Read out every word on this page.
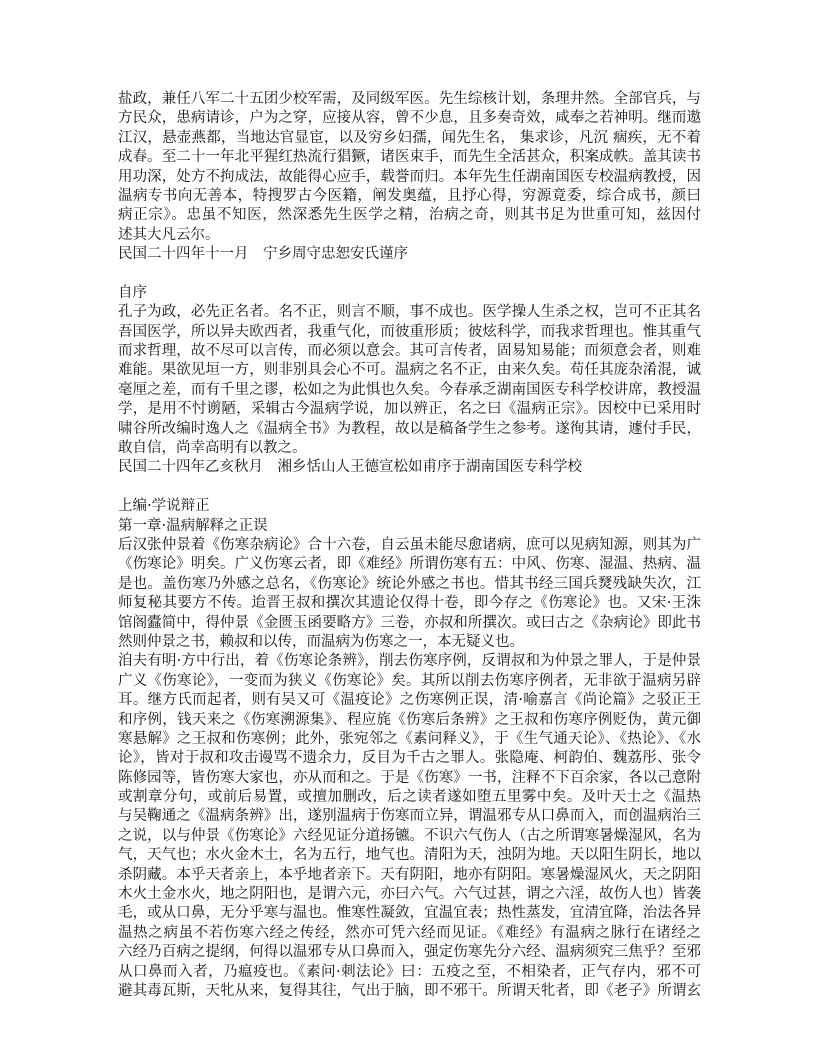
盐政，兼任八军二十五团少校军需，及同级军医。先生综核计划，条理井然。全部官兵，与
方民众，患病请诊，户为之穿，应接从容，曾不少息，且多奏奇效，咸奉之若神明。继而遨
江汉，悬壶燕都，当地达官显宦，以及穷乡妇孺，闻先生名， 集求诊，凡沉 痼疾，无不着
成春。至二十一年北平猩红热流行猖獗，诸医束手，而先生全活甚众，积案成帙。盖其读书
用功深，处方不拘成法，故能得心应手，载誉而归。本年先生任湖南国医专校温病教授，因
温病专书向无善本，特搜罗古今医籍，阐发奥蕴，且抒心得，穷源竟委，综合成书，颜曰
病正宗》。忠虽不知医，然深悉先生医学之精，治病之奇，则其书足为世重可知，兹因付
述其大凡云尔。
民国二十四年十一月　宁乡周守忠恕安氏谨序
自序
孔子为政，必先正名者。名不正，则言不顺，事不成也。医学操人生杀之权，岂可不正其名
吾国医学，所以异夫欧西者，我重气化，而彼重形质；彼炫科学，而我求哲理也。惟其重气
而求哲理，故不尽可以言传，而必须以意会。其可言传者，固易知易能；而须意会者，则难
难能。果欲见垣一方，则非别具会心不可。温病之名不正，由来久矣。苟任其庞杂淆混，诚
毫厘之差，而有千里之谬，松如之为此惧也久矣。今春承乏湖南国医专科学校讲席，教授温
学，是用不忖谫陋，采辑古今温病学说，加以辨正，名之曰《温病正宗》。因校中已采用时
啸谷所改编时逸人之《温病全书》为教程，故以是稿备学生之参考。遂徇其请，遽付手民，
敢自信，尚幸高明有以教之。
民国二十四年乙亥秋月　湘乡恬山人王德宣松如甫序于湖南国医专科学校
上编·学说辩正
第一章·温病解释之正误
后汉张仲景着《伤寒杂病论》合十六卷，自云虽未能尽愈诸病，庶可以见病知源，则其为广
《伤寒论》明矣。广义伤寒云者，即《难经》所谓伤寒有五：中风、伤寒、湿温、热病、温
是也。盖伤寒乃外感之总名，《伤寒论》统论外感之书也。惜其书经三国兵燹残缺失次，江
师复秘其要方不传。迨晋王叔和撰次其遗论仅得十卷，即今存之《伤寒论》也。又宋·王洙
馆阁蠹简中，得仲景《金匮玉函要略方》三卷，亦叔和所撰次。或曰古之《杂病论》即此书
然则仲景之书，赖叔和以传，而温病为伤寒之一，本无疑义也。
洎夫有明·方中行出，着《伤寒论条辨》，削去伤寒序例，反谓叔和为仲景之罪人，于是仲景
广义《伤寒论》，一变而为狭义《伤寒论》矣。其所以削去伤寒序例者，无非欲于温病另辟
耳。继方氏而起者，则有吴又可《温疫论》之伤寒例正误，清·喻嘉言《尚论篇》之驳正王
和序例，钱天来之《伤寒溯源集》、程应旄《伤寒后条辨》之王叔和伤寒序例贬伪，黄元御
寒悬解》之王叔和伤寒例；此外，张宛邻之《素问释义》，于《生气通天论》、《热论》、《水
论》，皆对于叔和攻击谩骂不遗余力，反目为千古之罪人。张隐庵、柯韵伯、魏荔彤、张令
陈修园等，皆伤寒大家也，亦从而和之。于是《伤寒》一书，注释不下百余家，各以己意附
或割章分句，或前后易置，或擅加删改，后之读者遂如堕五里雾中矣。及叶天士之《温热
与吴鞠通之《温病条辨》出，遂别温病于伤寒而立异，谓温邪专从口鼻而入，而创温病治三
之说，以与仲景《伤寒论》六经见证分道扬镳。不识六气伤人（古之所谓寒暑燥湿风，名为
气，天气也；水火金木土，名为五行，地气也。清阳为天，浊阴为地。天以阳生阴长，地以
杀阴藏。本乎天者亲上，本乎地者亲下。天有阴阳，地亦有阴阳。寒暑燥湿风火，天之阴阳
木火土金水火，地之阴阳也，是谓六元，亦曰六气。六气过甚，谓之六淫，故伤人也）皆袭
毛，或从口鼻，无分乎寒与温也。惟寒性凝敛，宜温宜表；热性蒸发，宜清宜降，治法各异
温热之病虽不若伤寒六经之传经，然亦可凭六经而见证。《难经》有温病之脉行在诸经之
六经乃百病之提纲，何得以温邪专从口鼻而入，强定伤寒先分六经、温病须究三焦乎？至邪
从口鼻而入者，乃瘟疫也。《素问·刺法论》曰：五疫之至，不相染者，正气存内，邪不可
避其毒瓦斯，天牝从来，复得其往，气出于脑，即不邪干。所谓天牝者，即《老子》所谓玄
